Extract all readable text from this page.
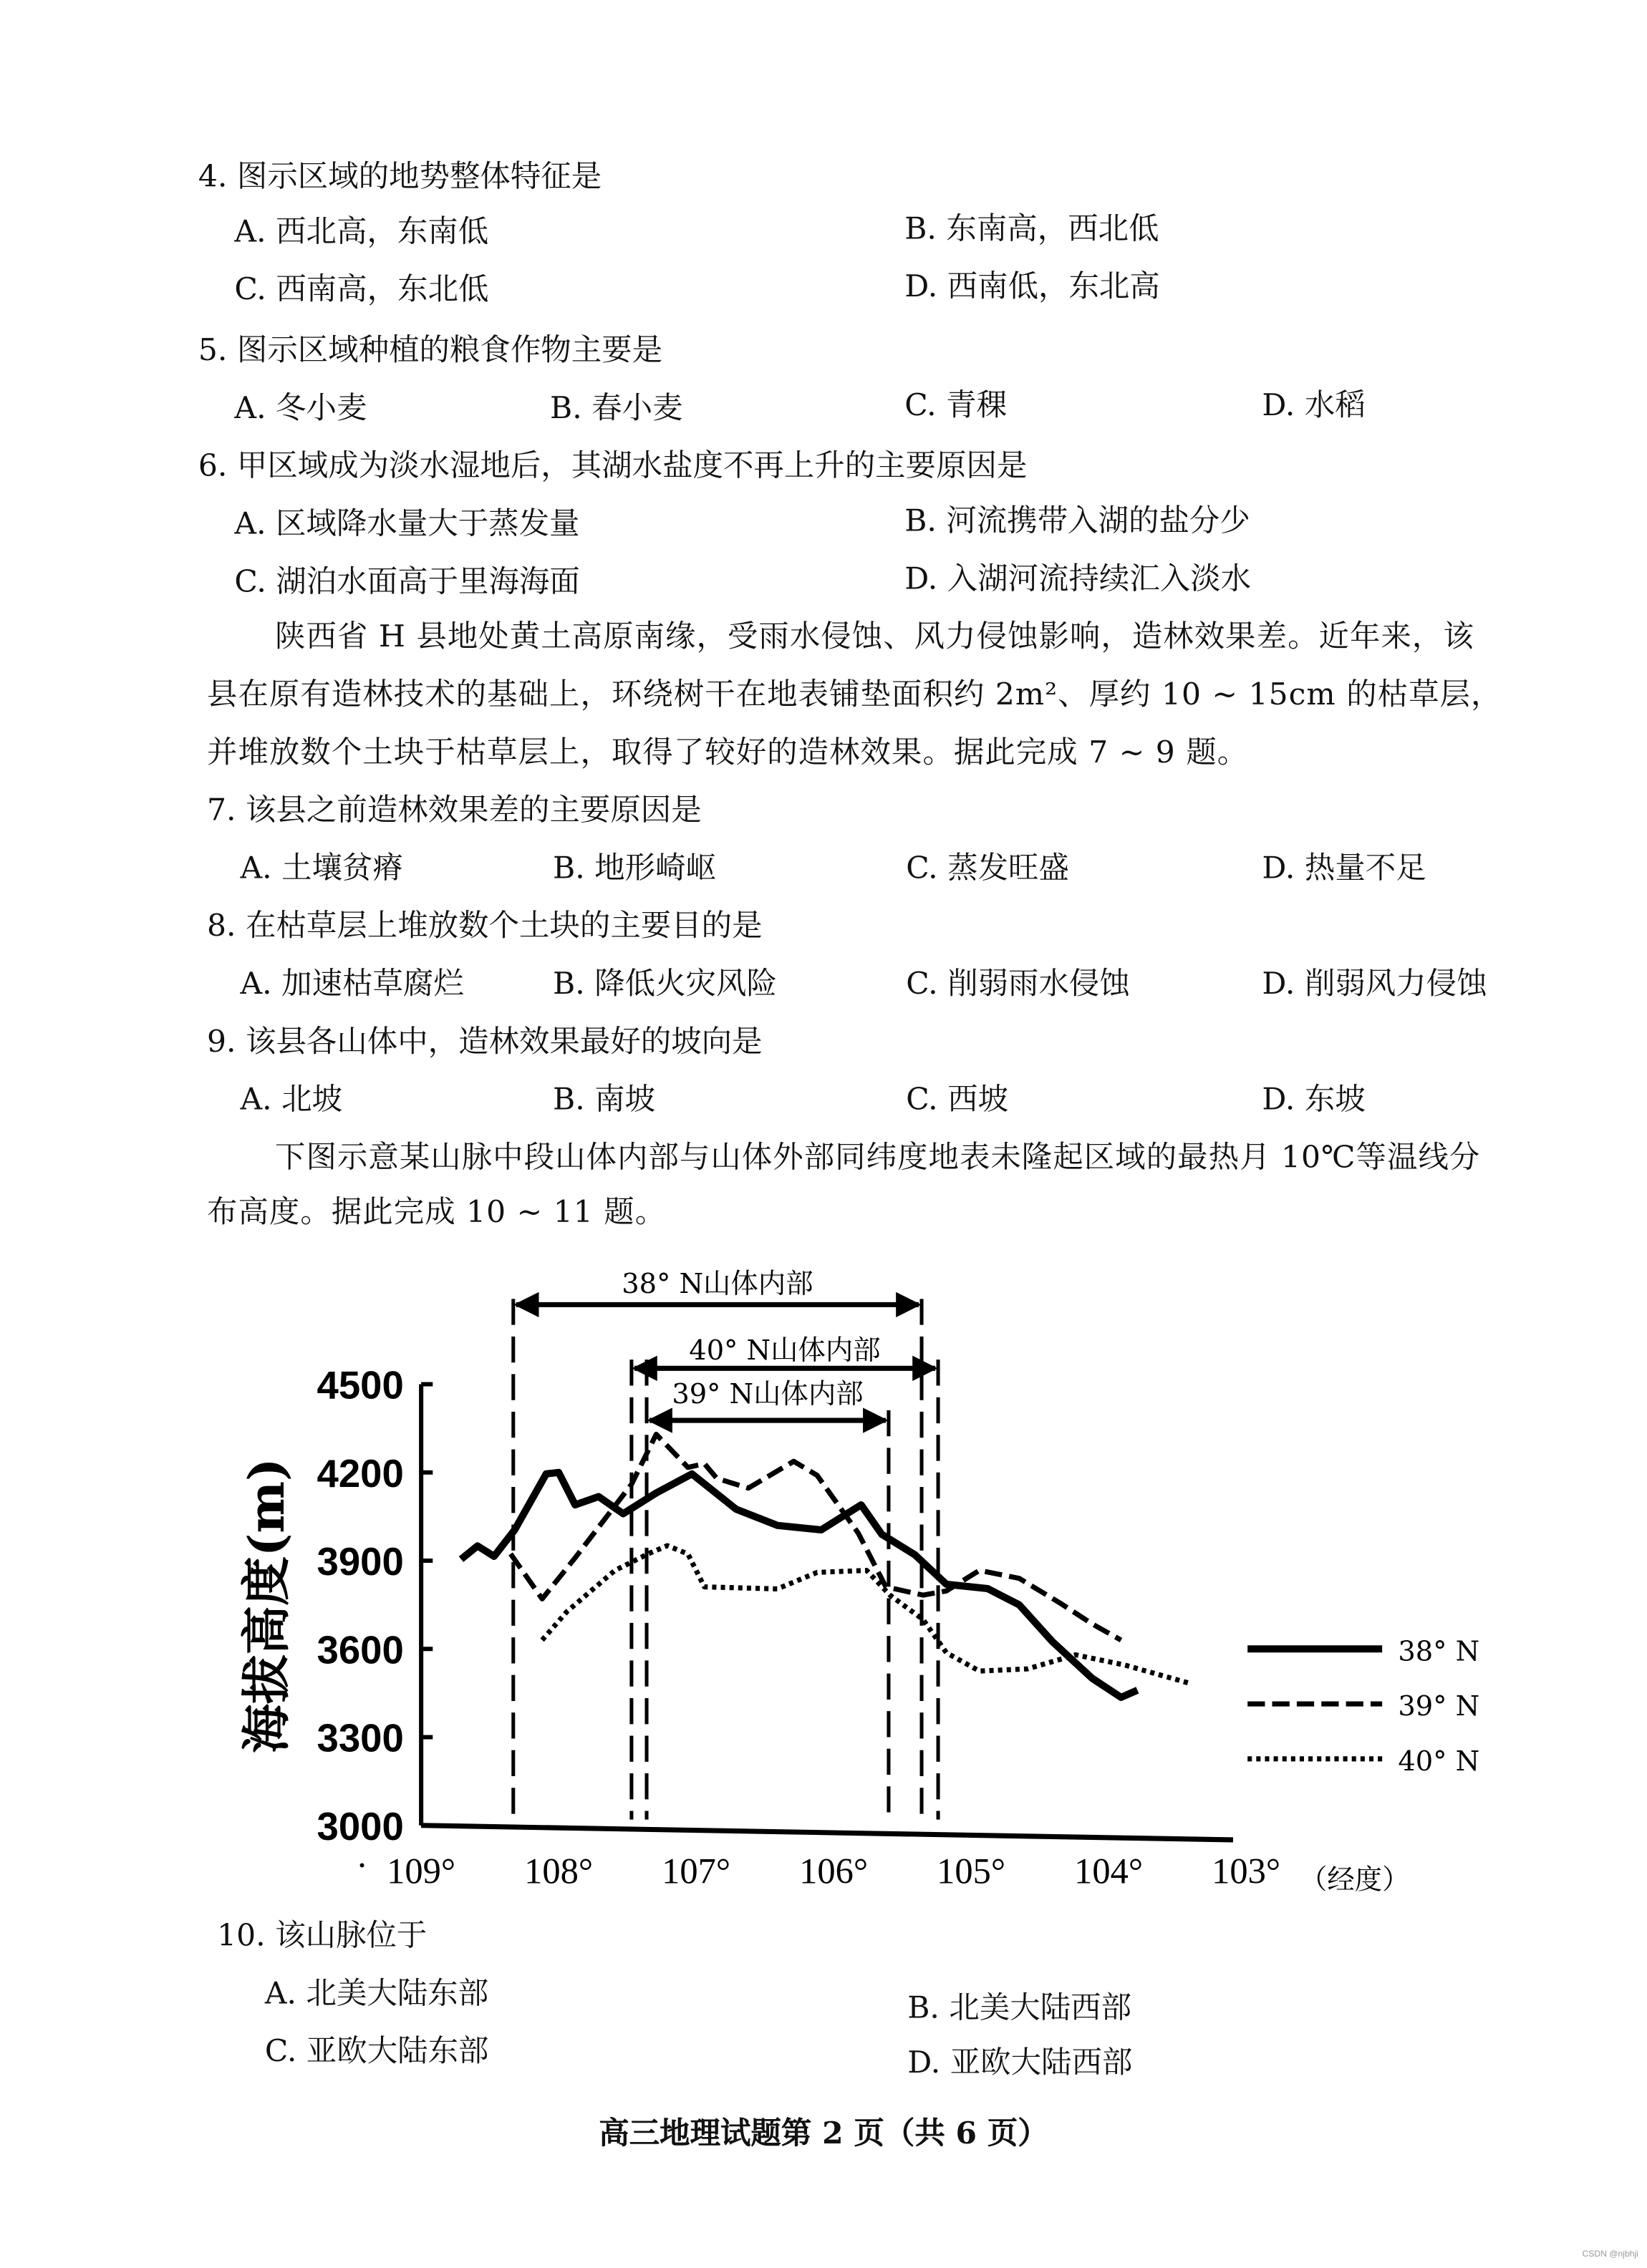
4. 图示区域的地势整体特征是
A. 西北高，东南低	B. 东南高，西北低
C. 西南高，东北低	D. 西南低，东北高
5. 图示区域种植的粮食作物主要是
A. 冬小麦	B. 春小麦	C. 青稞	D. 水稻
6. 甲区域成为淡水湿地后，其湖水盐度不再上升的主要原因是
A. 区域降水量大于蒸发量	B. 河流携带入湖的盐分少
C. 湖泊水面高于里海海面	D. 入湖河流持续汇入淡水
7. 该县之前造林效果差的主要原因是
A. 土壤贫瘠	B. 地形崎岖	C. 蒸发旺盛	D. 热量不足
8. 在枯草层上堆放数个土块的主要目的是
A. 加速枯草腐烂	B. 降低火灾风险	C. 削弱雨水侵蚀	D. 削弱风力侵蚀
9. 该县各山体中，造林效果最好的坡向是
A. 北坡	B. 南坡	C. 西坡	D. 东坡
10. 该山脉位于
A. 北美大陆东部	B. 北美大陆西部
C. 亚欧大陆东部	D. 亚欧大陆西部
陕西省 H 县地处黄土高原南缘，受雨水侵蚀、风力侵蚀影响，造林效果差。近年来，该
县在原有造林技术的基础上，环绕树干在地表铺垫面积约 2m²、厚约 10 ~ 15cm 的枯草层，
并堆放数个土块于枯草层上，取得了较好的造林效果。据此完成 7 ~ 9 题。
下图示意某山脉中段山体内部与山体外部同纬度地表未隆起区域的最热月 10℃等温线分
布高度。据此完成 10 ~ 11 题。
3000
3300
3600
3900
4200
4500
109°	108°	107°	106°	105°	104°	103°
·	（经度）
海拔高度(m)
38° N山体内部
40° N山体内部
39° N山体内部
38° N
39° N
40° N
高三地理试题第 2 页（共 6 页）
CSDN @njbhji
